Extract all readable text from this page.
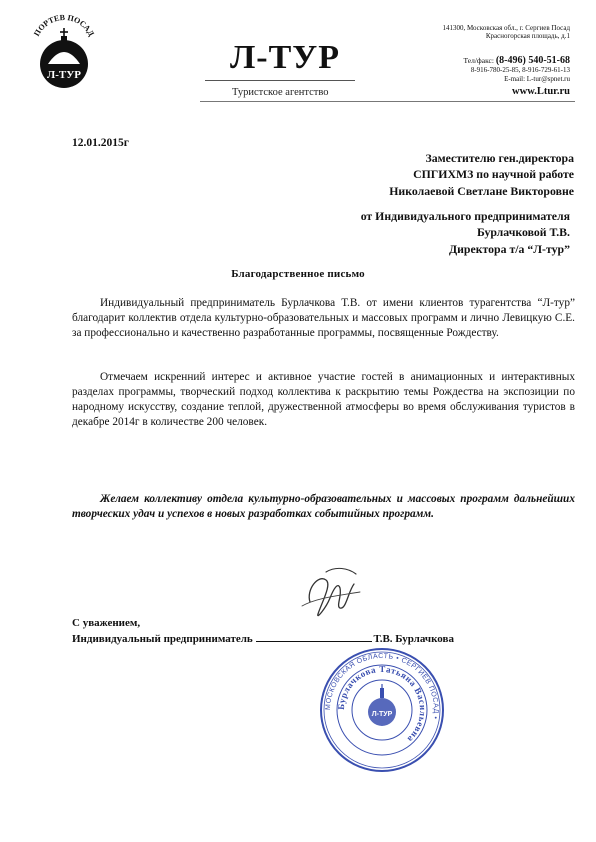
ПОРТЕВ ПОСАД
Л-ТУР	Л-ТУР
Туристское агентство
141300, Московская обл., г. Сергиев Посад
Красногорская площадь, д.1
Тел/факс: (8-496) 540-51-68
8-916-780-25-85, 8-916-729-61-13
E-mail: L-tur@spnet.ru
www.Ltur.ru
12.01.2015г
Заместителю ген.директора
СПГИХМЗ по научной работе
Николаевой Светлане Викторовне
от Индивидуального предпринимателя
Бурлачковой Т.В.
Директора т/а “Л-тур”
Благодарственное письмо
Индивидуальный предприниматель Бурлачкова Т.В. от имени клиентов турагентства “Л-тур” благодарит коллектив отдела культурно-образовательных и массовых программ и лично Левицкую С.Е. за профессионально и качественно разработанные программы, посвященные Рождеству.
Отмечаем искренний интерес и активное участие гостей в анимационных и интерактивных разделах программы, творческий подход коллектива к раскрытию темы Рождества на экспозиции по народному искусству, создание теплой, дружественной атмосферы во время обслуживания туристов в декабре 2014г в количестве 200 человек.
Желаем коллективу отдела культурно-образовательных и массовых программ дальнейших творческих удач и успехов в новых разработках событийных программ.
С уважением,
Индивидуальный предприниматель	Т.В. Бурлачкова
МОСКОВСКАЯ ОБЛАСТЬ • СЕРГИЕВ ПОСАД •
Бурлачкова Татьяна Васильевна
Л-ТУР
